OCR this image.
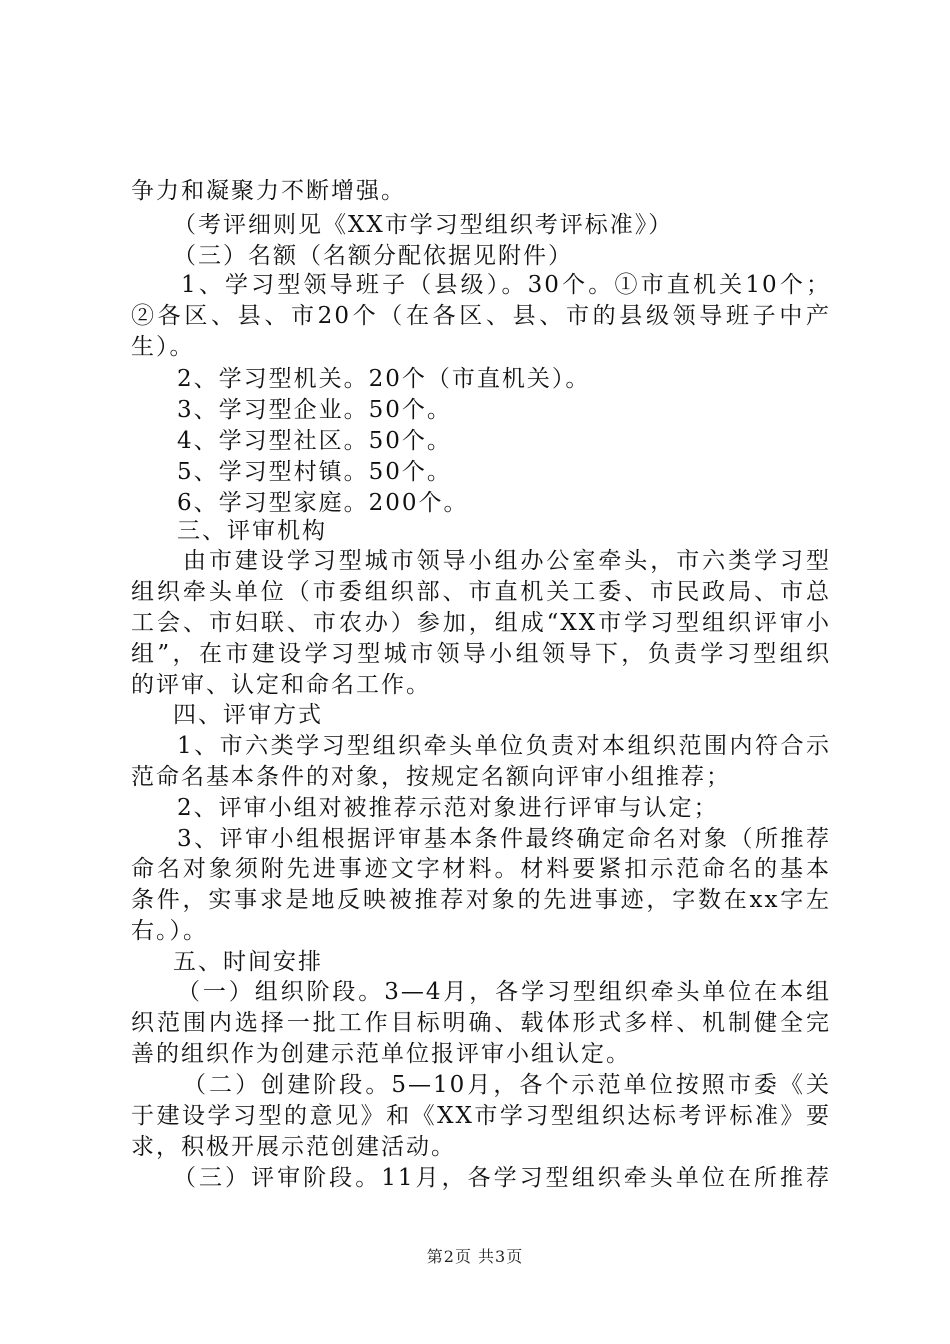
争力和凝聚力不断增强。
（考评细则见《XX市学习型组织考评标准》）
（三）名额（名额分配依据见附件）
1、学习型领导班子（县级）。30个。①市直机关10个；
②各区、县、市20个（在各区、县、市的县级领导班子中产
生）。
2、学习型机关。20个（市直机关）。
3、学习型企业。50个。
4、学习型社区。50个。
5、学习型村镇。50个。
6、学习型家庭。200个。
三、评审机构
由市建设学习型城市领导小组办公室牵头，市六类学习型
组织牵头单位（市委组织部、市直机关工委、市民政局、市总
工会、市妇联、市农办）参加，组成“XX市学习型组织评审小
组”，在市建设学习型城市领导小组领导下，负责学习型组织
的评审、认定和命名工作。
四、评审方式
1、市六类学习型组织牵头单位负责对本组织范围内符合示
范命名基本条件的对象，按规定名额向评审小组推荐；
2、评审小组对被推荐示范对象进行评审与认定；
3、评审小组根据评审基本条件最终确定命名对象（所推荐
命名对象须附先进事迹文字材料。材料要紧扣示范命名的基本
条件，实事求是地反映被推荐对象的先进事迹，字数在xx字左
右。）。
五、时间安排
（一）组织阶段。3—4月，各学习型组织牵头单位在本组
织范围内选择一批工作目标明确、载体形式多样、机制健全完
善的组织作为创建示范单位报评审小组认定。
（二）创建阶段。5—10月，各个示范单位按照市委《关
于建设学习型的意见》和《XX市学习型组织达标考评标准》要
求，积极开展示范创建活动。
（三）评审阶段。11月，各学习型组织牵头单位在所推荐
第2页 共3页
